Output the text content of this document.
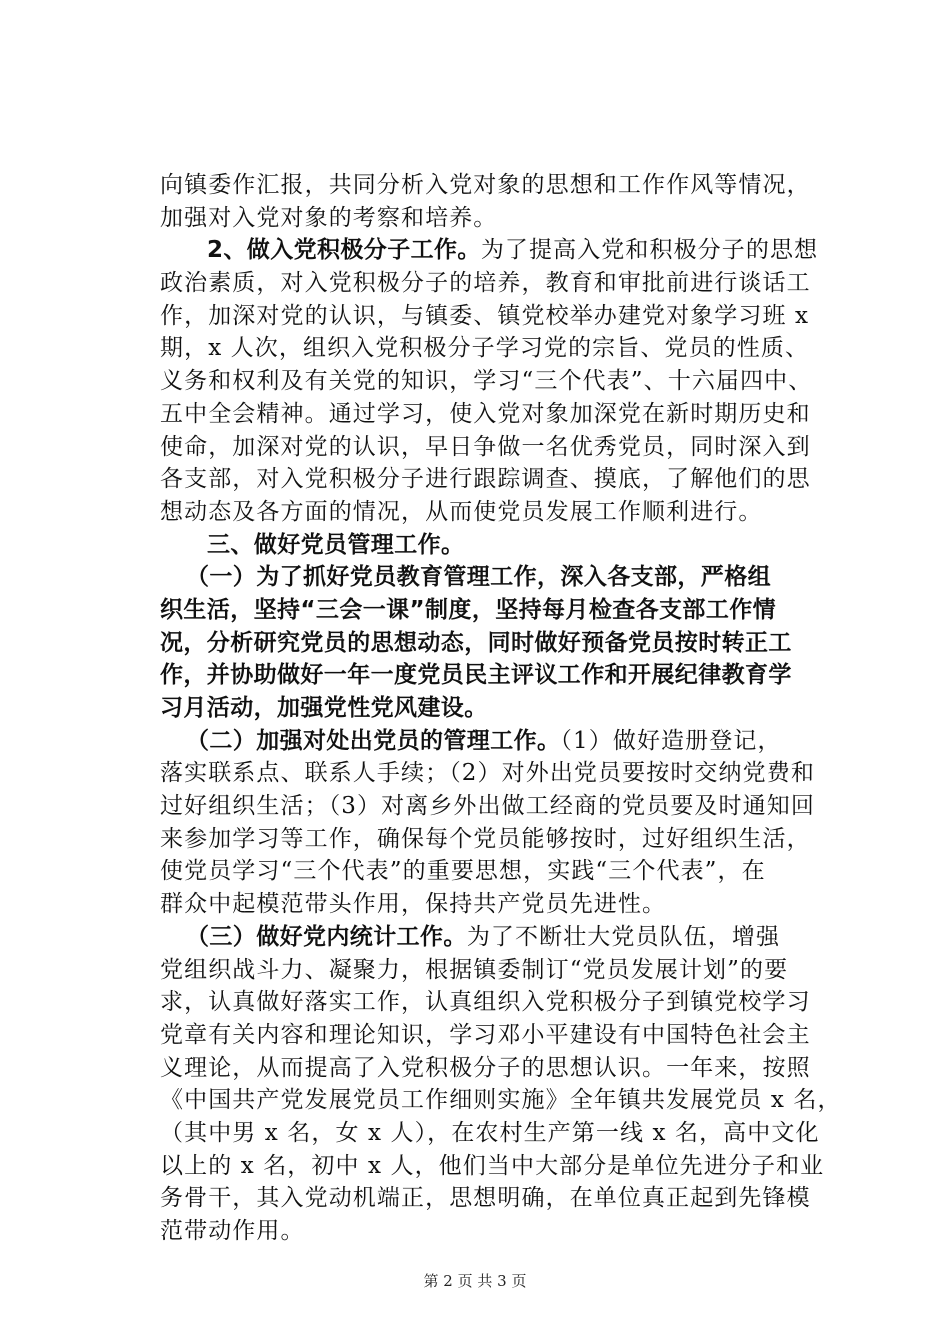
向镇委作汇报，共同分析入党对象的思想和工作作风等情况，
加强对入党对象的考察和培养。
2、做入党积极分子工作。为了提高入党和积极分子的思想
政治素质，对入党积极分子的培养，教育和审批前进行谈话工
作，加深对党的认识，与镇委、镇党校举办建党对象学习班 x
期，x 人次，组织入党积极分子学习党的宗旨、党员的性质、
义务和权利及有关党的知识，学习“三个代表”、十六届四中、
五中全会精神。通过学习，使入党对象加深党在新时期历史和
使命，加深对党的认识，早日争做一名优秀党员，同时深入到
各支部，对入党积极分子进行跟踪调查、摸底，了解他们的思
想动态及各方面的情况，从而使党员发展工作顺利进行。
三、做好党员管理工作。
（一）为了抓好党员教育管理工作，深入各支部，严格组
织生活，坚持“三会一课”制度，坚持每月检查各支部工作情
况，分析研究党员的思想动态，同时做好预备党员按时转正工
作，并协助做好一年一度党员民主评议工作和开展纪律教育学
习月活动，加强党性党风建设。
（二）加强对处出党员的管理工作。（1）做好造册登记，
落实联系点、联系人手续；（2）对外出党员要按时交纳党费和
过好组织生活；（3）对离乡外出做工经商的党员要及时通知回
来参加学习等工作，确保每个党员能够按时，过好组织生活，
使党员学习“三个代表”的重要思想，实践“三个代表”，在
群众中起模范带头作用，保持共产党员先进性。
（三）做好党内统计工作。为了不断壮大党员队伍，增强
党组织战斗力、凝聚力，根据镇委制订“党员发展计划”的要
求，认真做好落实工作，认真组织入党积极分子到镇党校学习
党章有关内容和理论知识，学习邓小平建设有中国特色社会主
义理论，从而提高了入党积极分子的思想认识。一年来，按照
《中国共产党发展党员工作细则实施》全年镇共发展党员 x 名，
（其中男 x 名，女 x 人），在农村生产第一线 x 名，高中文化
以上的 x 名，初中 x 人，他们当中大部分是单位先进分子和业
务骨干，其入党动机端正，思想明确，在单位真正起到先锋模
范带动作用。
第 2 页 共 3 页
